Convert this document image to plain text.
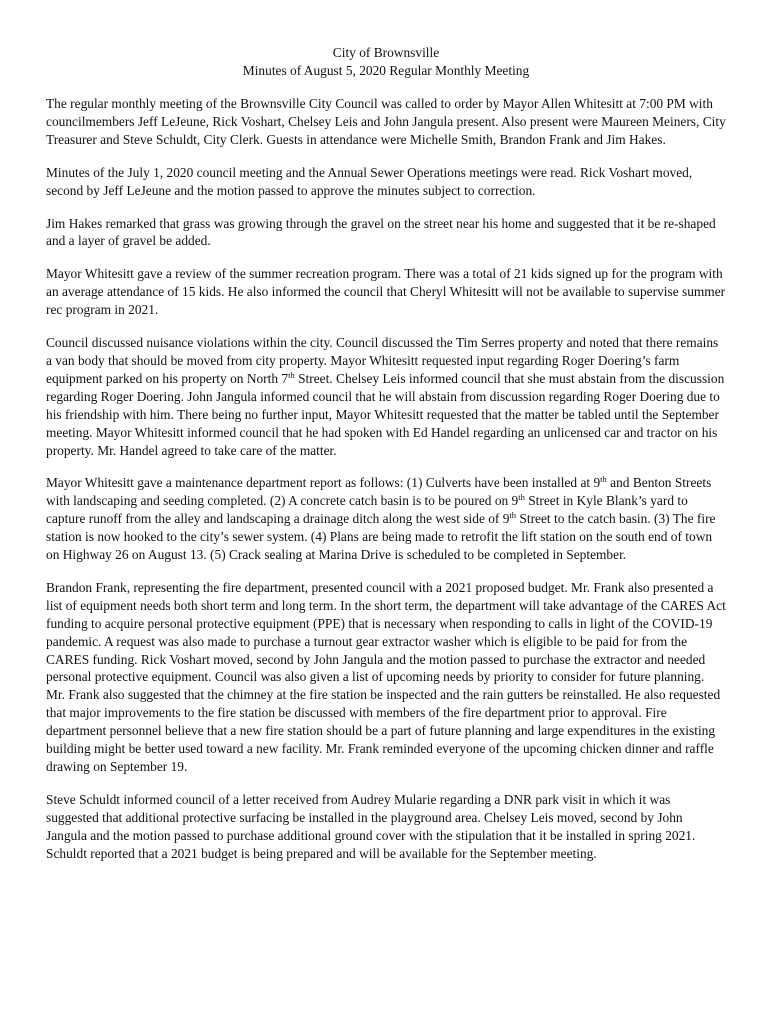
City of Brownsville

Minutes of August 5, 2020 Regular Monthly Meeting

The regular monthly meeting of the Brownsville City Council was called to order by Mayor Allen Whitesitt at 7:00 PM with councilmembers Jeff LeJeune, Rick Voshart, Chelsey Leis and John Jangula present. Also present were Maureen Meiners, City Treasurer and Steve Schuldt, City Clerk. Guests in attendance were Michelle Smith, Brandon Frank and Jim Hakes.

Minutes of the July 1, 2020 council meeting and the Annual Sewer Operations meetings were read. Rick Voshart moved, second by Jeff LeJeune and the motion passed to approve the minutes subject to correction.

Jim Hakes remarked that grass was growing through the gravel on the street near his home and suggested that it be re-shaped and a layer of gravel be added.

Mayor Whitesitt gave a review of the summer recreation program. There was a total of 21 kids signed up for the program with an average attendance of 15 kids. He also informed the council that Cheryl Whitesitt will not be available to supervise summer rec program in 2021.

Council discussed nuisance violations within the city. Council discussed the Tim Serres property and noted that there remains a van body that should be moved from city property. Mayor Whitesitt requested input regarding Roger Doering’s farm equipment parked on his property on North 7th Street. Chelsey Leis informed council that she must abstain from the discussion regarding Roger Doering. John Jangula informed council that he will abstain from discussion regarding Roger Doering due to his friendship with him. There being no further input, Mayor Whitesitt requested that the matter be tabled until the September meeting. Mayor Whitesitt informed council that he had spoken with Ed Handel regarding an unlicensed car and tractor on his property. Mr. Handel agreed to take care of the matter.

Mayor Whitesitt gave a maintenance department report as follows: (1) Culverts have been installed at 9th and Benton Streets with landscaping and seeding completed. (2) A concrete catch basin is to be poured on 9th Street in Kyle Blank’s yard to capture runoff from the alley and landscaping a drainage ditch along the west side of 9th Street to the catch basin. (3) The fire station is now hooked to the city’s sewer system. (4) Plans are being made to retrofit the lift station on the south end of town on Highway 26 on August 13. (5) Crack sealing at Marina Drive is scheduled to be completed in September.

Brandon Frank, representing the fire department, presented council with a 2021 proposed budget. Mr. Frank also presented a list of equipment needs both short term and long term. In the short term, the department will take advantage of the CARES Act funding to acquire personal protective equipment (PPE) that is necessary when responding to calls in light of the COVID-19 pandemic. A request was also made to purchase a turnout gear extractor washer which is eligible to be paid for from the CARES funding. Rick Voshart moved, second by John Jangula and the motion passed to purchase the extractor and needed personal protective equipment. Council was also given a list of upcoming needs by priority to consider for future planning. Mr. Frank also suggested that the chimney at the fire station be inspected and the rain gutters be reinstalled. He also requested that major improvements to the fire station be discussed with members of the fire department prior to approval. Fire department personnel believe that a new fire station should be a part of future planning and large expenditures in the existing building might be better used toward a new facility. Mr. Frank reminded everyone of the upcoming chicken dinner and raffle drawing on September 19.

Steve Schuldt informed council of a letter received from Audrey Mularie regarding a DNR park visit in which it was suggested that additional protective surfacing be installed in the playground area. Chelsey Leis moved, second by John Jangula and the motion passed to purchase additional ground cover with the stipulation that it be installed in spring 2021. Schuldt reported that a 2021 budget is being prepared and will be available for the September meeting.
